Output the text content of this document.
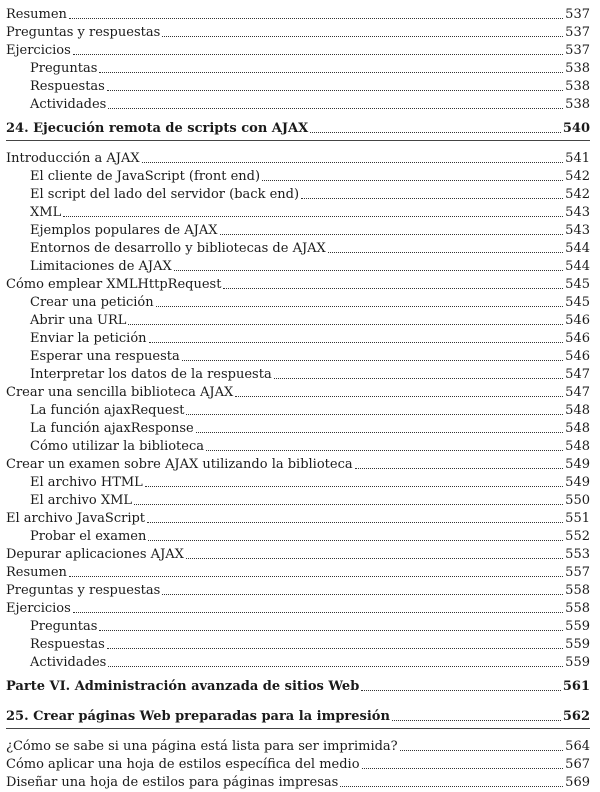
Resumen	537
Preguntas y respuestas	537
Ejercicios	537
Preguntas	538
Respuestas	538
Actividades	538
24. Ejecución remota de scripts con AJAX	540
Introducción a AJAX	541
El cliente de JavaScript (front end)	542
El script del lado del servidor (back end)	542
XML	543
Ejemplos populares de AJAX	543
Entornos de desarrollo y bibliotecas de AJAX	544
Limitaciones de AJAX	544
Cómo emplear XMLHttpRequest	545
Crear una petición	545
Abrir una URL	546
Enviar la petición	546
Esperar una respuesta	546
Interpretar los datos de la respuesta	547
Crear una sencilla biblioteca AJAX	547
La función ajaxRequest	548
La función ajaxResponse	548
Cómo utilizar la biblioteca	548
Crear un examen sobre AJAX utilizando la biblioteca	549
El archivo HTML	549
El archivo XML	550
El archivo JavaScript	551
Probar el examen	552
Depurar aplicaciones AJAX	553
Resumen	557
Preguntas y respuestas	558
Ejercicios	558
Preguntas	559
Respuestas	559
Actividades	559
Parte VI. Administración avanzada de sitios Web	561
25. Crear páginas Web preparadas para la impresión	562
¿Cómo se sabe si una página está lista para ser imprimida?	564
Cómo aplicar una hoja de estilos específica del medio	567
Diseñar una hoja de estilos para páginas impresas	569
